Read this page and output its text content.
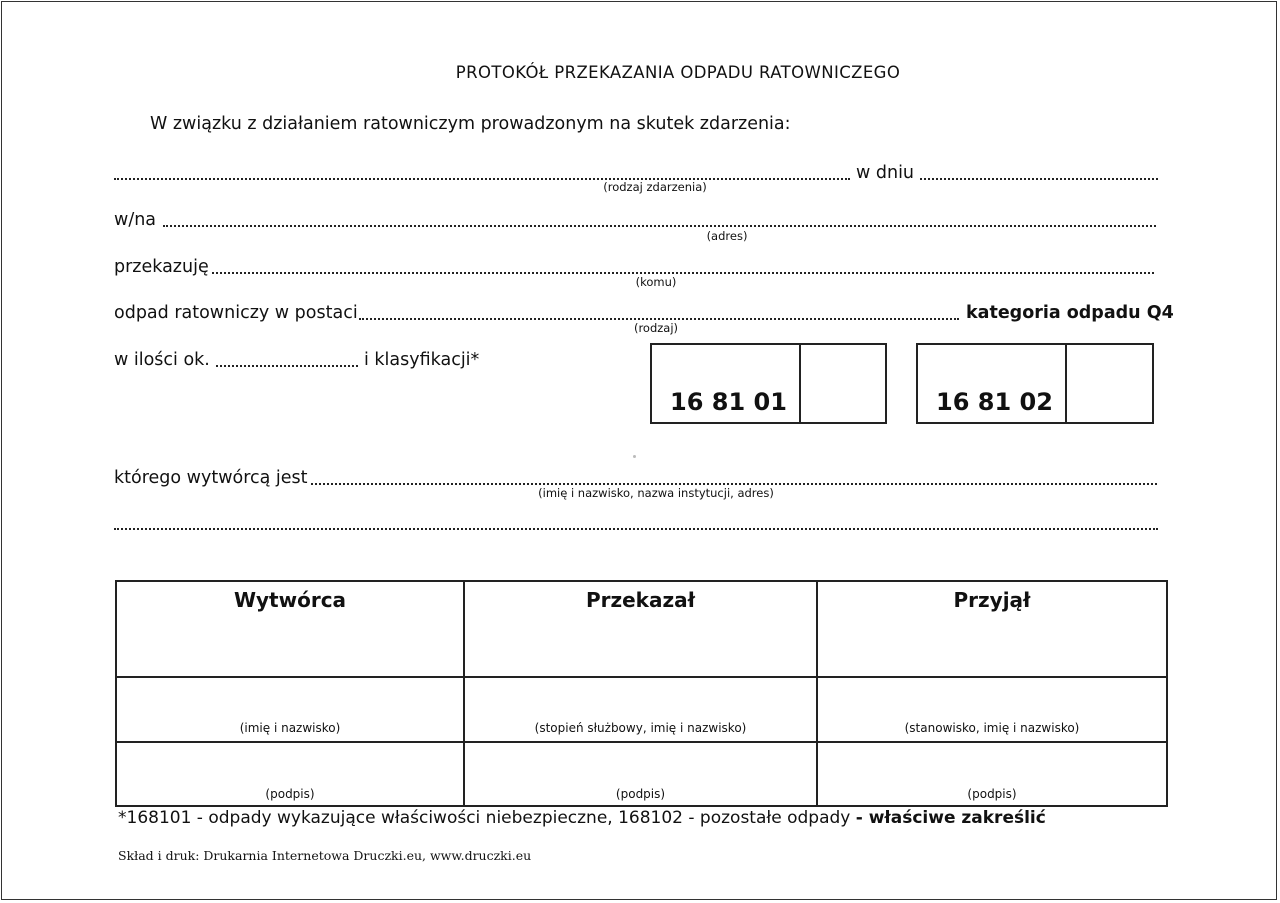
PROTOKÓŁ PRZEKAZANIA ODPADU RATOWNICZEGO
W związku z działaniem ratowniczym prowadzonym na skutek zdarzenia:
(rodzaj zdarzenia)
w dniu
w/na
(adres)
przekazuję
(komu)
odpad ratowniczy w postaci
(rodzaj)
kategoria odpadu Q4
w ilości ok.	i klasyfikacji*
16 81 01	16 81 02
którego wytwórcą jest
(imię i nazwisko, nazwa instytucji, adres)
Wytwórca	Przekazał	Przyjął

(imię i nazwisko)	(stopień służbowy, imię i nazwisko)	(stanowisko, imię i nazwisko)

(podpis)	(podpis)	(podpis)
*168101 - odpady wykazujące właściwości niebezpieczne, 168102 - pozostałe odpady - właściwe zakreślić
Skład i druk: Drukarnia Internetowa Druczki.eu, www.druczki.eu
